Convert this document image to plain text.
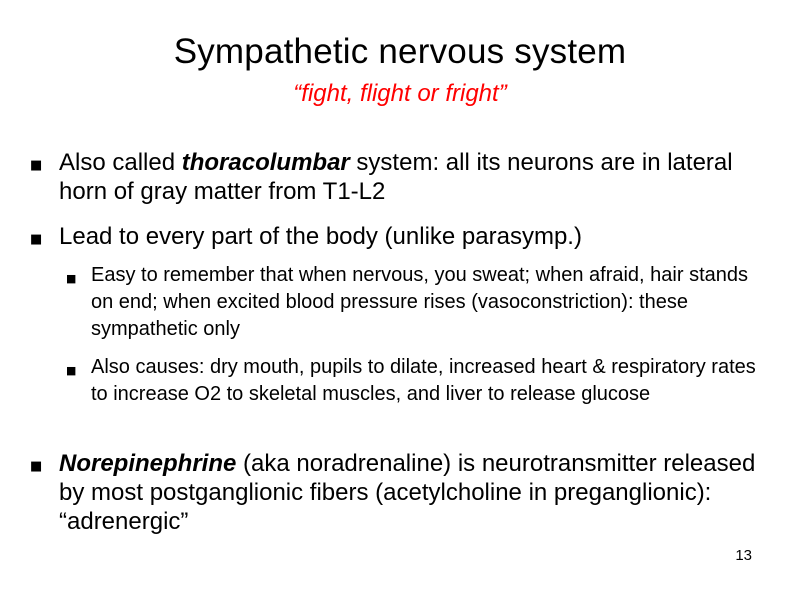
Sympathetic nervous system
“fight, flight or fright”
■ Also called thoracolumbar system: all its neurons are in lateral horn of gray matter from T1-L2
■ Lead to every part of the body (unlike parasymp.)
■ Easy to remember that when nervous, you sweat; when afraid, hair stands on end; when excited blood pressure rises (vasoconstriction): these sympathetic only
■ Also causes: dry mouth, pupils to dilate, increased heart & respiratory rates to increase O2 to skeletal muscles, and liver to release glucose
■ Norepinephrine (aka noradrenaline) is neurotransmitter released by most postganglionic fibers (acetylcholine in preganglionic): “adrenergic”
13
